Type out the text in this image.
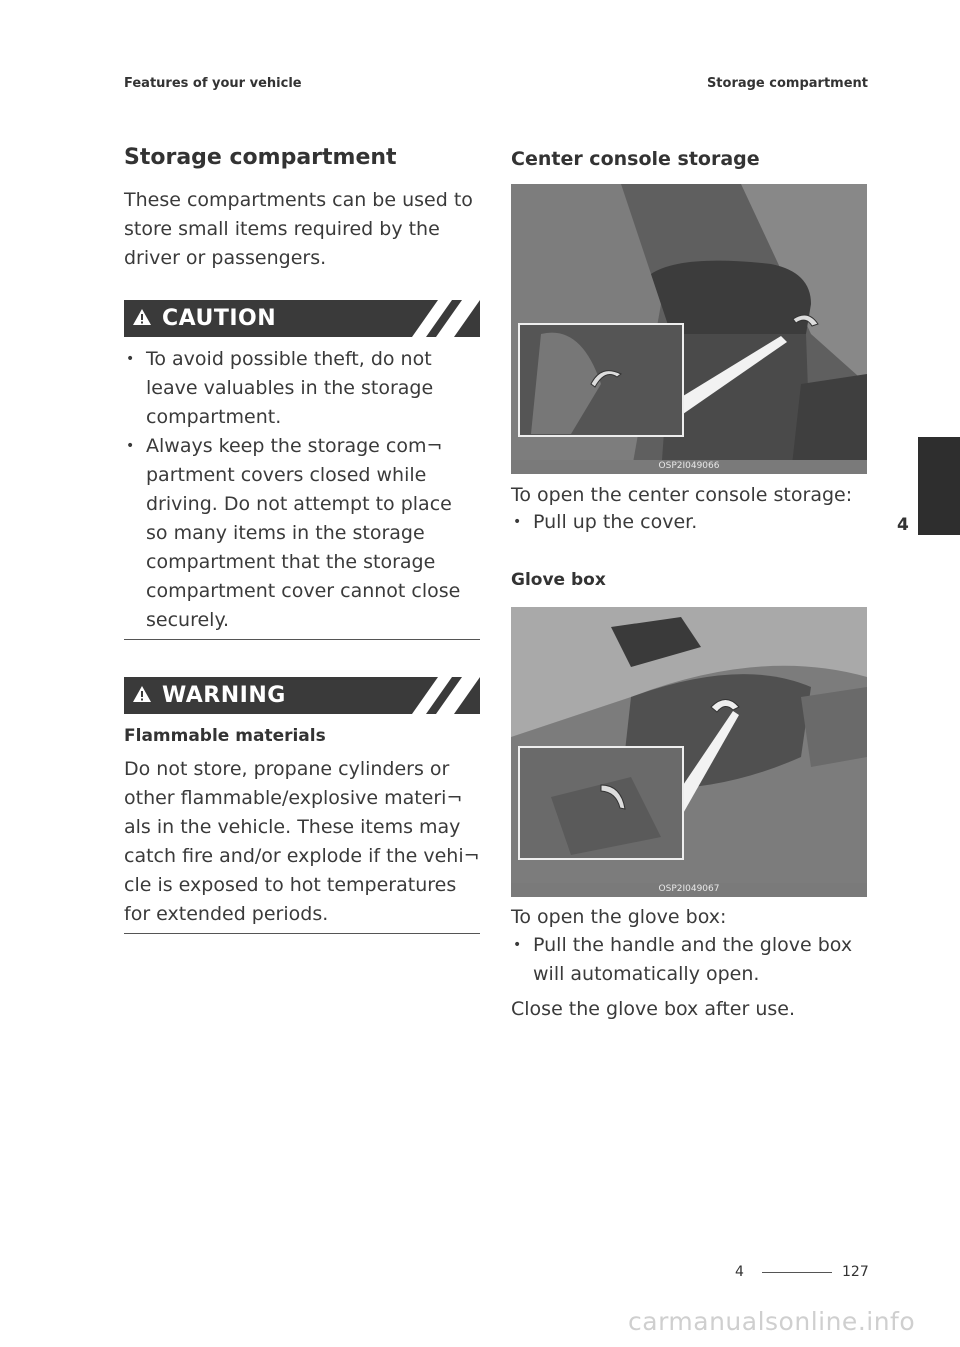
Features of your vehicle	Storage compartment
Storage compartment
These compartments can be used to store small items required by the driver or passengers.
CAUTION
• To avoid possible theft, do not leave valuables in the storage compartment.
• Always keep the storage com¬ partment covers closed while driving. Do not attempt to place so many items in the storage compartment that the storage compartment cover cannot close securely.
WARNING
Flammable materials
Do not store, propane cylinders or other flammable/explosive materi¬ als in the vehicle. These items may catch fire and/or explode if the vehi¬ cle is exposed to hot temperatures for extended periods.
Center console storage
OSP2I049066
To open the center console storage:
• Pull up the cover.
Glove box
OSP2I049067
To open the glove box:
• Pull the handle and the glove box will automatically open.
Close the glove box after use.
4
4	127
carmanualsonline.info
